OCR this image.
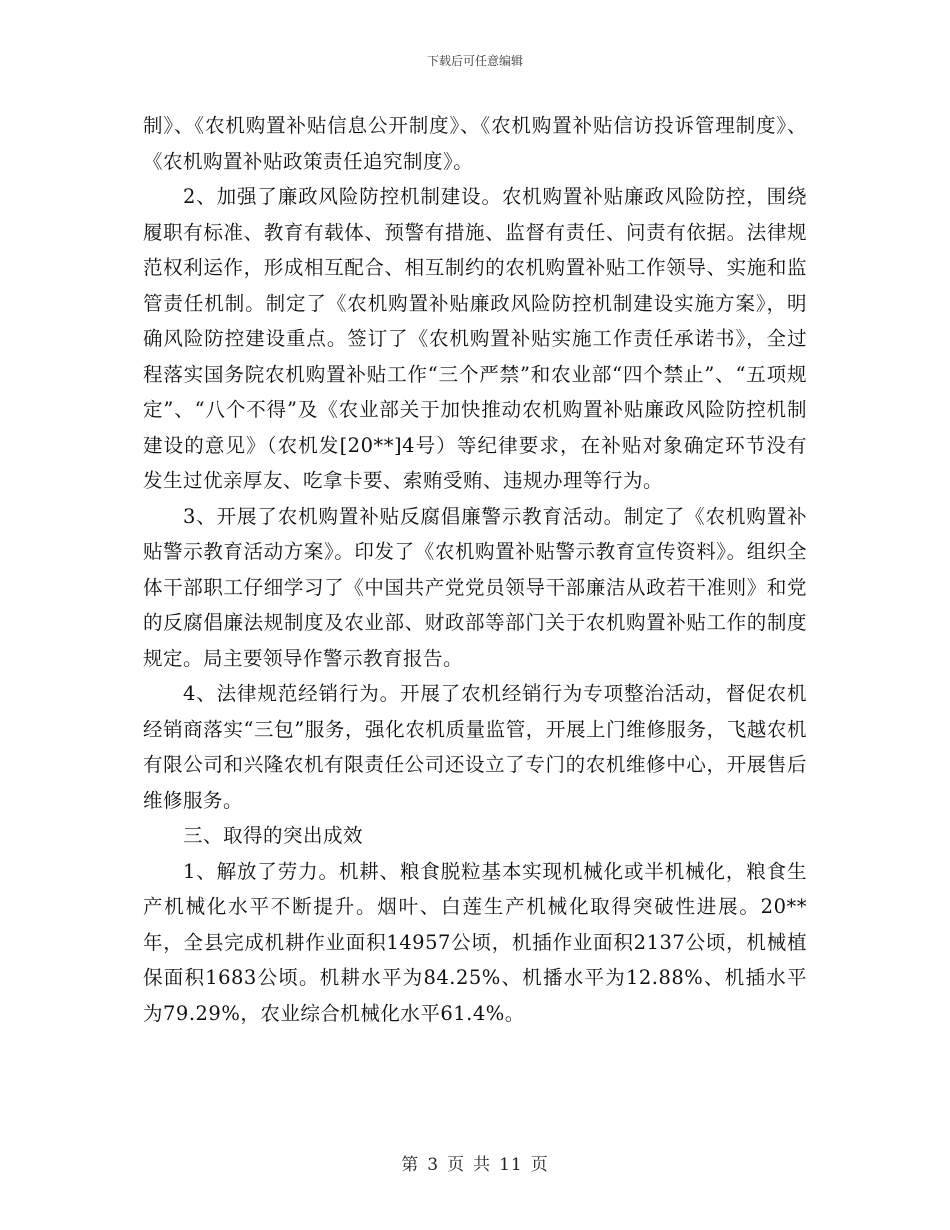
下载后可任意编辑

制》、《农机购置补贴信息公开制度》、《农机购置补贴信访投诉管理制度》、《农机购置补贴政策责任追究制度》。

2、加强了廉政风险防控机制建设。农机购置补贴廉政风险防控，围绕履职有标准、教育有载体、预警有措施、监督有责任、问责有依据。法律规范权利运作，形成相互配合、相互制约的农机购置补贴工作领导、实施和监管责任机制。制定了《农机购置补贴廉政风险防控机制建设实施方案》，明确风险防控建设重点。签订了《农机购置补贴实施工作责任承诺书》，全过程落实国务院农机购置补贴工作“三个严禁”和农业部“四个禁止”、“五项规定”、“八个不得”及《农业部关于加快推动农机购置补贴廉政风险防控机制建设的意见》（农机发[20**]4号）等纪律要求，在补贴对象确定环节没有发生过优亲厚友、吃拿卡要、索贿受贿、违规办理等行为。

3、开展了农机购置补贴反腐倡廉警示教育活动。制定了《农机购置补贴警示教育活动方案》。印发了《农机购置补贴警示教育宣传资料》。组织全体干部职工仔细学习了《中国共产党党员领导干部廉洁从政若干准则》和党的反腐倡廉法规制度及农业部、财政部等部门关于农机购置补贴工作的制度规定。局主要领导作警示教育报告。

4、法律规范经销行为。开展了农机经销行为专项整治活动，督促农机经销商落实“三包”服务，强化农机质量监管，开展上门维修服务，飞越农机有限公司和兴隆农机有限责任公司还设立了专门的农机维修中心，开展售后维修服务。

三、取得的突出成效

1、解放了劳力。机耕、粮食脱粒基本实现机械化或半机械化，粮食生产机械化水平不断提升。烟叶、白莲生产机械化取得突破性进展。20**年，全县完成机耕作业面积14957公顷，机插作业面积2137公顷，机械植保面积1683公顷。机耕水平为84.25%、机播水平为12.88%、机插水平为79.29%，农业综合机械化水平61.4%。

第 3 页 共 11 页
